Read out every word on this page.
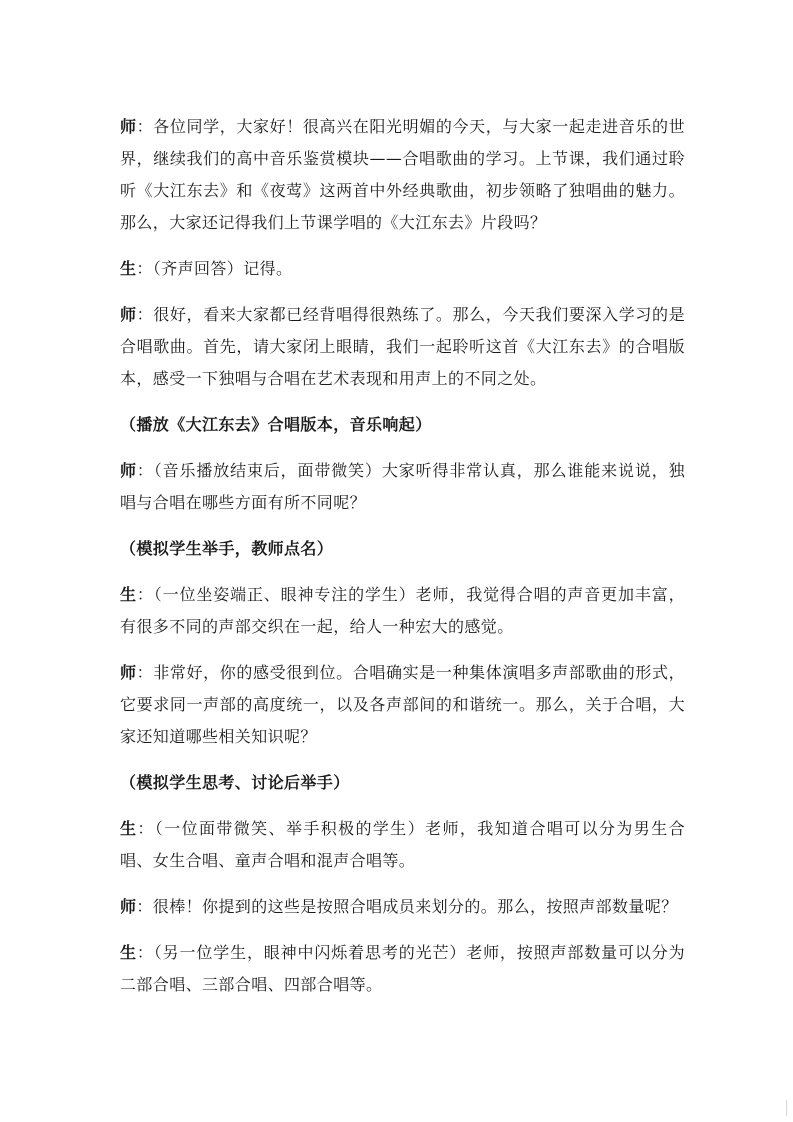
师：各位同学，大家好！很高兴在阳光明媚的今天，与大家一起走进音乐的世界，继续我们的高中音乐鉴赏模块——合唱歌曲的学习。上节课，我们通过聆听《大江东去》和《夜莺》这两首中外经典歌曲，初步领略了独唱曲的魅力。那么，大家还记得我们上节课学唱的《大江东去》片段吗？

生：（齐声回答）记得。

师：很好，看来大家都已经背唱得很熟练了。那么，今天我们要深入学习的是合唱歌曲。首先，请大家闭上眼睛，我们一起聆听这首《大江东去》的合唱版本，感受一下独唱与合唱在艺术表现和用声上的不同之处。

（播放《大江东去》合唱版本，音乐响起）

师：（音乐播放结束后，面带微笑）大家听得非常认真，那么谁能来说说，独唱与合唱在哪些方面有所不同呢？

（模拟学生举手，教师点名）

生：（一位坐姿端正、眼神专注的学生）老师，我觉得合唱的声音更加丰富，有很多不同的声部交织在一起，给人一种宏大的感觉。

师：非常好，你的感受很到位。合唱确实是一种集体演唱多声部歌曲的形式，它要求同一声部的高度统一，以及各声部间的和谐统一。那么，关于合唱，大家还知道哪些相关知识呢？

（模拟学生思考、讨论后举手）

生：（一位面带微笑、举手积极的学生）老师，我知道合唱可以分为男生合唱、女生合唱、童声合唱和混声合唱等。

师：很棒！你提到的这些是按照合唱成员来划分的。那么，按照声部数量呢？

生：（另一位学生，眼神中闪烁着思考的光芒）老师，按照声部数量可以分为二部合唱、三部合唱、四部合唱等。
